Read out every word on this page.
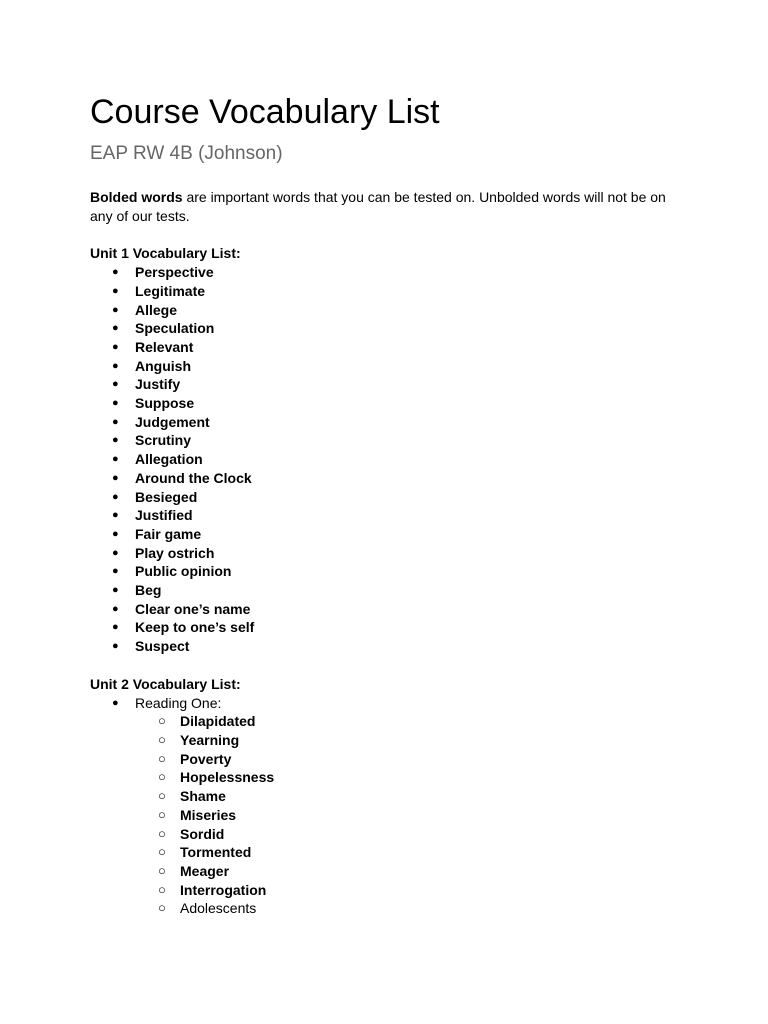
Course Vocabulary List
EAP RW 4B (Johnson)

Bolded words are important words that you can be tested on. Unbolded words will not be on any of our tests.

Unit 1 Vocabulary List:

●
Perspective
●
Legitimate
●
Allege
●
Speculation
●
Relevant
●
Anguish
●
Justify
●
Suppose
●
Judgement
●
Scrutiny
●
Allegation
●
Around the Clock
●
Besieged
●
Justified
●
Fair game
●
Play ostrich
●
Public opinion
●
Beg
●
Clear one’s name
●
Keep to one’s self
●
Suspect

Unit 2 Vocabulary List:

●
Reading One:
○
Dilapidated
○
Yearning
○
Poverty
○
Hopelessness
○
Shame
○
Miseries
○
Sordid
○
Tormented
○
Meager
○
Interrogation
○
Adolescents
